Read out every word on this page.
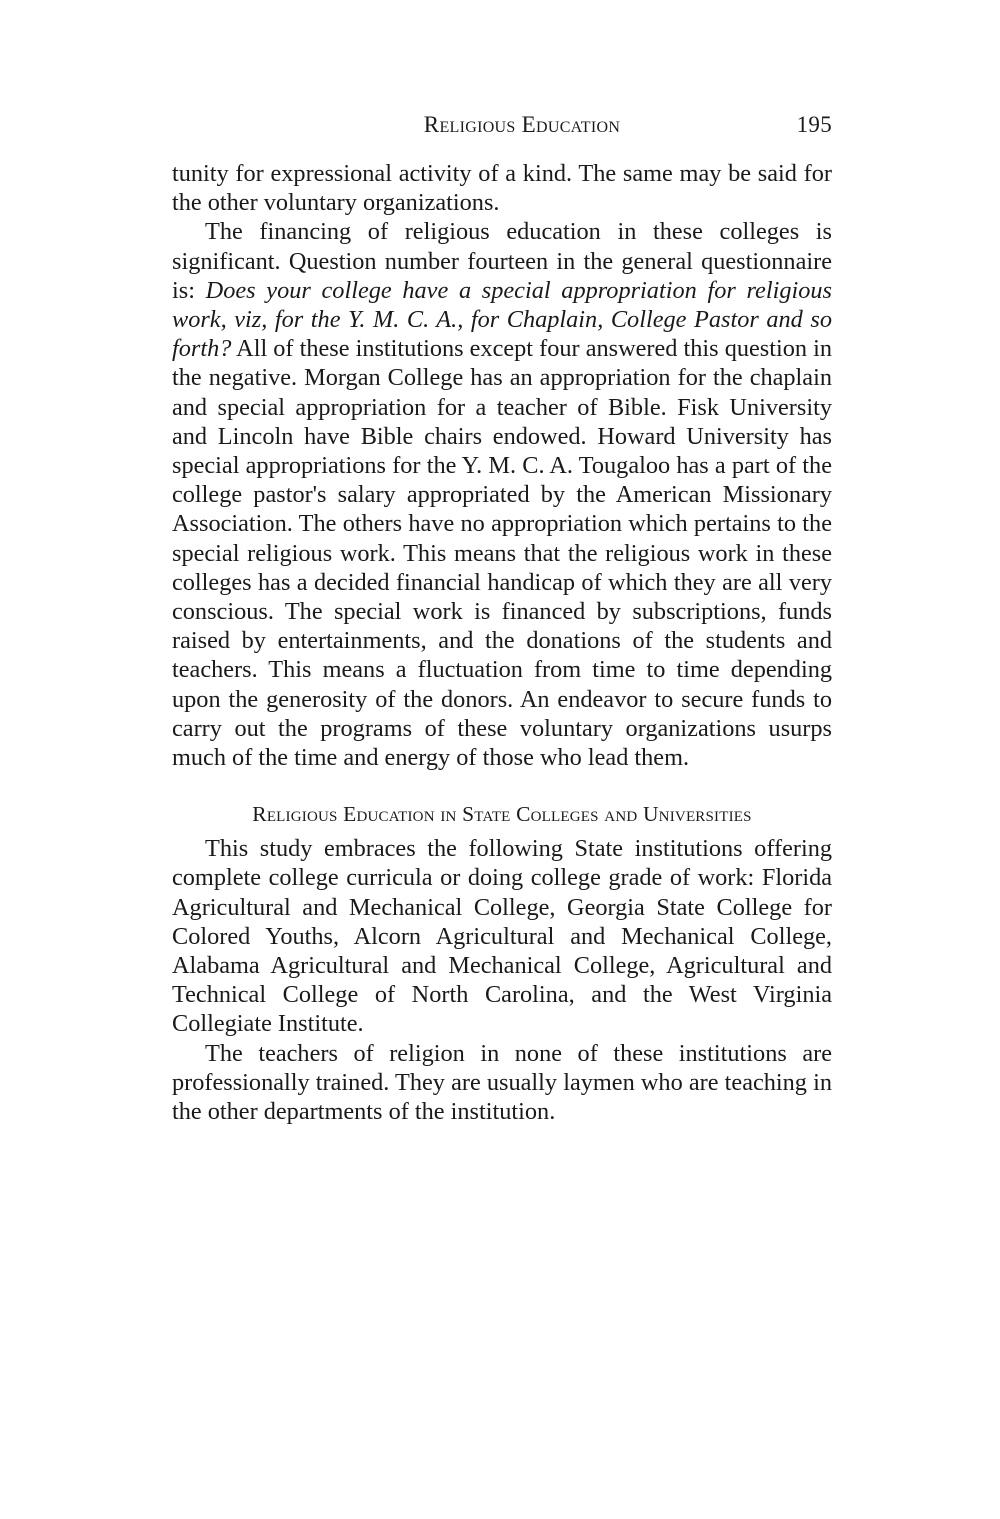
Religious Education	195

tunity for expressional activity of a kind. The same may be said for the other voluntary organizations.

The financing of religious education in these colleges is significant. Question number fourteen in the general questionnaire is: Does your college have a special appropriation for religious work, viz, for the Y. M. C. A., for Chaplain, College Pastor and so forth? All of these institutions except four answered this question in the negative. Morgan College has an appropriation for the chaplain and special appropriation for a teacher of Bible. Fisk University and Lincoln have Bible chairs endowed. Howard University has special appropriations for the Y. M. C. A. Tougaloo has a part of the college pastor's salary appropriated by the American Missionary Association. The others have no appropriation which pertains to the special religious work. This means that the religious work in these colleges has a decided financial handicap of which they are all very conscious. The special work is financed by subscriptions, funds raised by entertainments, and the donations of the students and teachers. This means a fluctuation from time to time depending upon the generosity of the donors. An endeavor to secure funds to carry out the programs of these voluntary organizations usurps much of the time and energy of those who lead them.

Religious Education in State Colleges and Universities

This study embraces the following State institutions offering complete college curricula or doing college grade of work: Florida Agricultural and Mechanical College, Georgia State College for Colored Youths, Alcorn Agricultural and Mechanical College, Alabama Agricultural and Mechanical College, Agricultural and Technical College of North Carolina, and the West Virginia Collegiate Institute.

The teachers of religion in none of these institutions are professionally trained. They are usually laymen who are teaching in the other departments of the institution.
